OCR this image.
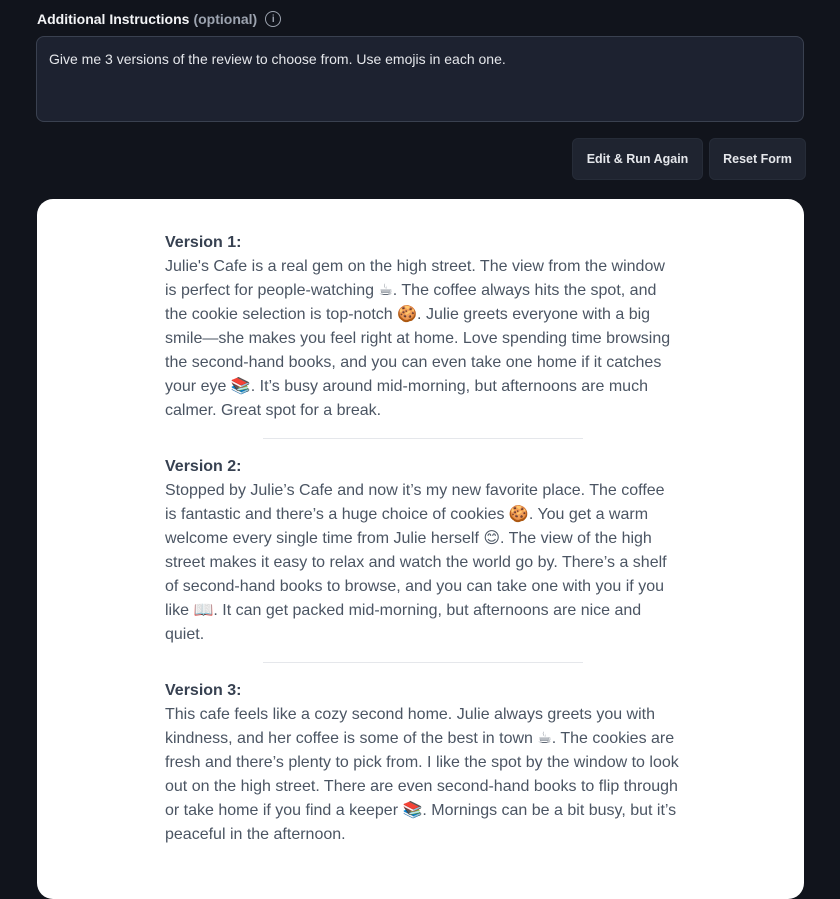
Additional Instructions (optional)	i
Give me 3 versions of the review to choose from. Use emojis in each one.
Edit & Run Again	Reset Form

Version 1:

Julie's Cafe is a real gem on the high street. The view from the window is perfect for people-watching ☕. The coffee always hits the spot, and the cookie selection is top-notch 🍪. Julie greets everyone with a big smile—she makes you feel right at home. Love spending time browsing the second-hand books, and you can even take one home if it catches your eye 📚. It’s busy around mid-morning, but afternoons are much calmer. Great spot for a break.

Version 2:

Stopped by Julie’s Cafe and now it’s my new favorite place. The coffee is fantastic and there’s a huge choice of cookies 🍪. You get a warm welcome every single time from Julie herself 😊. The view of the high street makes it easy to relax and watch the world go by. There’s a shelf of second-hand books to browse, and you can take one with you if you like 📖. It can get packed mid-morning, but afternoons are nice and quiet.

Version 3:

This cafe feels like a cozy second home. Julie always greets you with kindness, and her coffee is some of the best in town ☕. The cookies are fresh and there’s plenty to pick from. I like the spot by the window to look out on the high street. There are even second-hand books to flip through or take home if you find a keeper 📚. Mornings can be a bit busy, but it’s peaceful in the afternoon.
